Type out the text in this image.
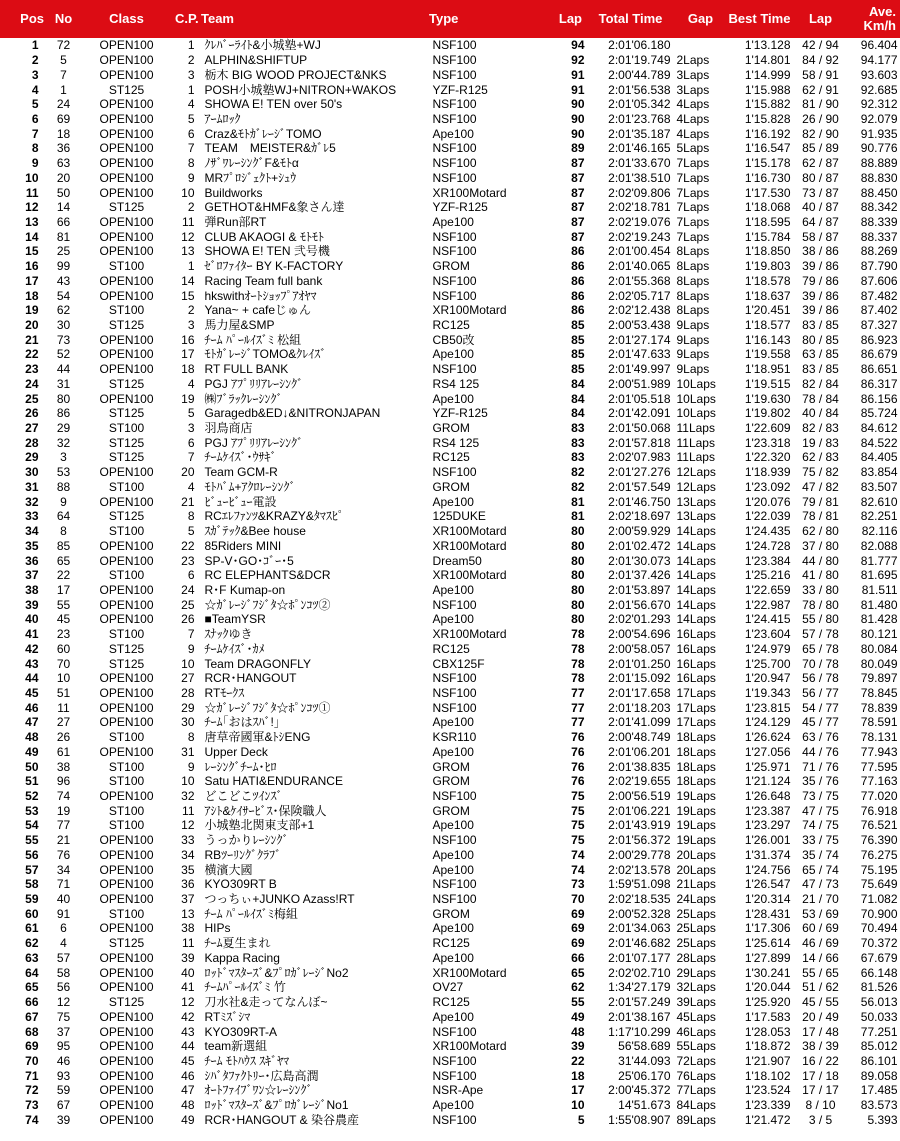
Pos	No	Class	C.P.	Team	Type	Lap	Total Time	Gap	Best Time	Lap	Ave.
Km/h
1	72	OPEN100	1	ｸﾚﾊﾞｰﾗｲﾄ&小城塾+WJ	NSF100	94	2:01'06.180		1'13.128	42 / 94	96.404
2	5	OPEN100	2	ALPHIN&SHIFTUP	NSF100	92	2:01'19.749	2Laps	1'14.801	84 / 92	94.177
3	7	OPEN100	3	栃木 BIG WOOD PROJECT&NKS	NSF100	91	2:00'44.789	3Laps	1'14.999	58 / 91	93.603
4	1	ST125	1	POSH小城塾WJ+NITRON+WAKOS	YZF-R125	91	2:01'56.538	3Laps	1'15.988	62 / 91	92.685
5	24	OPEN100	4	SHOWA E! TEN over 50's	NSF100	90	2:01'05.342	4Laps	1'15.882	81 / 90	92.312
6	69	OPEN100	5	ｱｰﾑﾛｯｸ	NSF100	90	2:01'23.768	4Laps	1'15.828	26 / 90	92.079
7	18	OPEN100	6	Craz&ﾓﾄｶﾞﾚｰｼﾞTOMO	Ape100	90	2:01'35.187	4Laps	1'16.192	82 / 90	91.935
8	36	OPEN100	7	TEAM　MEISTER&ｶﾞﾚ5	NSF100	89	2:01'46.165	5Laps	1'16.547	85 / 89	90.776
9	63	OPEN100	8	ﾉｻﾞﾜﾚｰｼﾝｸﾞF&ﾓﾄα	NSF100	87	2:01'33.670	7Laps	1'15.178	62 / 87	88.889
10	20	OPEN100	9	MRﾌﾟﾛｼﾞｪｸﾄ+ｼｭｳ	NSF100	87	2:01'38.510	7Laps	1'16.730	80 / 87	88.830
11	50	OPEN100	10	Buildworks	XR100Motard	87	2:02'09.806	7Laps	1'17.530	73 / 87	88.450
12	14	ST125	2	GETHOT&HMF&象さん達	YZF-R125	87	2:02'18.781	7Laps	1'18.068	40 / 87	88.342
13	66	OPEN100	11	弾Run部RT	Ape100	87	2:02'19.076	7Laps	1'18.595	64 / 87	88.339
14	81	OPEN100	12	CLUB AKAOGI & ﾓﾄﾓﾄ	NSF100	87	2:02'19.243	7Laps	1'15.784	58 / 87	88.337
15	25	OPEN100	13	SHOWA E! TEN 弐号機	NSF100	86	2:01'00.454	8Laps	1'18.850	38 / 86	88.269
16	99	ST100	1	ｾﾞﾛﾌｧｲﾀｰ BY K-FACTORY	GROM	86	2:01'40.065	8Laps	1'19.803	39 / 86	87.790
17	43	OPEN100	14	Racing Team full bank	NSF100	86	2:01'55.368	8Laps	1'18.578	79 / 86	87.606
18	54	OPEN100	15	hkswithｵｰﾄｼｮｯﾌﾟｱｵﾔﾏ	NSF100	86	2:02'05.717	8Laps	1'18.637	39 / 86	87.482
19	62	ST100	2	Yana~ + cafeじゅん	XR100Motard	86	2:02'12.438	8Laps	1'20.451	39 / 86	87.402
20	30	ST125	3	馬力屋&SMP	RC125	85	2:00'53.438	9Laps	1'18.577	83 / 85	87.327
21	73	OPEN100	16	ﾁｰﾑ ﾊﾟｰﾙｲｽﾞﾐ 松組	CB50改	85	2:01'27.174	9Laps	1'16.143	80 / 85	86.923
22	52	OPEN100	17	ﾓﾄｶﾞﾚｰｼﾞTOMO&ｸﾚｲｽﾞ	Ape100	85	2:01'47.633	9Laps	1'19.558	63 / 85	86.679
23	44	OPEN100	18	RT FULL BANK	NSF100	85	2:01'49.997	9Laps	1'18.951	83 / 85	86.651
24	31	ST125	4	PGJ ｱﾌﾟﾘﾘｱﾚｰｼﾝｸﾞ	RS4 125	84	2:00'51.989	10Laps	1'19.515	82 / 84	86.317
25	80	OPEN100	19	㈱ﾌﾞﾗｯｸﾚｰｼﾝｸﾞ	Ape100	84	2:01'05.518	10Laps	1'19.630	78 / 84	86.156
26	86	ST125	5	Garagedb&ED↓&NITRONJAPAN	YZF-R125	84	2:01'42.091	10Laps	1'19.802	40 / 84	85.724
27	29	ST100	3	羽鳥商店	GROM	83	2:01'50.068	11Laps	1'22.609	82 / 83	84.612
28	32	ST125	6	PGJ ｱﾌﾟﾘﾘｱﾚｰｼﾝｸﾞ	RS4 125	83	2:01'57.818	11Laps	1'23.318	19 / 83	84.522
29	3	ST125	7	ﾁｰﾑｹｲｽﾞ･ｳｻｷﾞ	RC125	83	2:02'07.983	11Laps	1'22.320	62 / 83	84.405
30	53	OPEN100	20	Team GCM-R	NSF100	82	2:01'27.276	12Laps	1'18.939	75 / 82	83.854
31	88	ST100	4	ﾓﾄﾊﾞﾑ+ｱｸﾛﾚｰｼﾝｸﾞ	GROM	82	2:01'57.549	12Laps	1'23.092	47 / 82	83.507
32	9	OPEN100	21	ﾋﾞｭｰﾋﾞｭｰ電設	Ape100	81	2:01'46.750	13Laps	1'20.076	79 / 81	82.610
33	64	ST125	8	RCｴﾚﾌｧﾝﾂ&KRAZY&ﾀﾏｽﾋﾟ	125DUKE	81	2:02'18.697	13Laps	1'22.039	78 / 81	82.251
34	8	ST100	5	ｽｶﾞﾃｯｸ&Bee house	XR100Motard	80	2:00'59.929	14Laps	1'24.435	62 / 80	82.116
35	85	OPEN100	22	85Riders MINI	XR100Motard	80	2:01'02.472	14Laps	1'24.728	37 / 80	82.088
36	65	OPEN100	23	SP-V･GO･ｺﾞｰ･5	Dream50	80	2:01'30.073	14Laps	1'23.384	44 / 80	81.777
37	22	ST100	6	RC ELEPHANTS&DCR	XR100Motard	80	2:01'37.426	14Laps	1'25.216	41 / 80	81.695
38	17	OPEN100	24	R･F Kumap-on	Ape100	80	2:01'53.897	14Laps	1'22.659	33 / 80	81.511
39	55	OPEN100	25	☆ｶﾞﾚｰｼﾞﾌｼﾞﾀ☆ﾎﾟﾝｺﾂ②	NSF100	80	2:01'56.670	14Laps	1'22.987	78 / 80	81.480
40	45	OPEN100	26	■TeamYSR	Ape100	80	2:02'01.293	14Laps	1'24.415	55 / 80	81.428
41	23	ST100	7	ｽﾅｯｸゆき	XR100Motard	78	2:00'54.696	16Laps	1'23.604	57 / 78	80.121
42	60	ST125	9	ﾁｰﾑｹｲｽﾞ･ｶﾒ	RC125	78	2:00'58.057	16Laps	1'24.979	65 / 78	80.084
43	70	ST125	10	Team DRAGONFLY	CBX125F	78	2:01'01.250	16Laps	1'25.700	70 / 78	80.049
44	10	OPEN100	27	RCR･HANGOUT	NSF100	78	2:01'15.092	16Laps	1'20.947	56 / 78	79.897
45	51	OPEN100	28	RTﾓｰｸｽ	NSF100	77	2:01'17.658	17Laps	1'19.343	56 / 77	78.845
46	11	OPEN100	29	☆ｶﾞﾚｰｼﾞﾌｼﾞﾀ☆ﾎﾟﾝｺﾂ①	NSF100	77	2:01'18.203	17Laps	1'23.815	54 / 77	78.839
47	27	OPEN100	30	ﾁｰﾑ｢おはｽﾊﾞ!｣	Ape100	77	2:01'41.099	17Laps	1'24.129	45 / 77	78.591
48	26	ST100	8	唐草帝國軍&ﾄｼENG	KSR110	76	2:00'48.749	18Laps	1'26.624	63 / 76	78.131
49	61	OPEN100	31	Upper Deck	Ape100	76	2:01'06.201	18Laps	1'27.056	44 / 76	77.943
50	38	ST100	9	ﾚｰｼﾝｸﾞﾁｰﾑ･ﾋﾛ	GROM	76	2:01'38.835	18Laps	1'25.971	71 / 76	77.595
51	96	ST100	10	Satu HATI&ENDURANCE	GROM	76	2:02'19.655	18Laps	1'21.124	35 / 76	77.163
52	74	OPEN100	32	どこどこﾂｲﾝｽﾞ	NSF100	75	2:00'56.519	19Laps	1'26.648	73 / 75	77.020
53	19	ST100	11	ｱｼﾄ&ｹｲｻｰﾋﾞｽ･保険職人	GROM	75	2:01'06.221	19Laps	1'23.387	47 / 75	76.918
54	77	ST100	12	小城塾北関東支部+1	Ape100	75	2:01'43.919	19Laps	1'23.297	74 / 75	76.521
55	21	OPEN100	33	うっかりﾚｰｼﾝｸﾞ	NSF100	75	2:01'56.372	19Laps	1'26.001	33 / 75	76.390
56	76	OPEN100	34	RBﾂｰﾘﾝｸﾞｸﾗﾌﾞ	Ape100	74	2:00'29.778	20Laps	1'31.374	35 / 74	76.275
57	34	OPEN100	35	横濱大國	Ape100	74	2:02'13.578	20Laps	1'24.756	65 / 74	75.195
58	71	OPEN100	36	KYO309RT B	NSF100	73	1:59'51.098	21Laps	1'26.547	47 / 73	75.649
59	40	OPEN100	37	つっちぃ+JUNKO Azass!RT	NSF100	70	2:02'18.535	24Laps	1'20.314	21 / 70	71.082
60	91	ST100	13	ﾁｰﾑ ﾊﾟｰﾙｲｽﾞﾐ梅組	GROM	69	2:00'52.328	25Laps	1'28.431	53 / 69	70.900
61	6	OPEN100	38	HIPs	Ape100	69	2:01'34.063	25Laps	1'17.306	60 / 69	70.494
62	4	ST125	11	ﾁｰﾑ夏生まれ	RC125	69	2:01'46.682	25Laps	1'25.614	46 / 69	70.372
63	57	OPEN100	39	Kappa Racing	Ape100	66	2:01'07.177	28Laps	1'27.899	14 / 66	67.679
64	58	OPEN100	40	ﾛｯﾄﾞﾏｽﾀｰｽﾞ&ﾌﾟﾛｶﾞﾚｰｼﾞNo2	XR100Motard	65	2:02'02.710	29Laps	1'30.241	55 / 65	66.148
65	56	OPEN100	41	ﾁｰﾑﾊﾟｰﾙｲｽﾞﾐ 竹	OV27	62	1:34'27.179	32Laps	1'20.044	51 / 62	81.526
66	12	ST125	12	刀水社&走ってなんぼ~	RC125	55	2:01'57.249	39Laps	1'25.920	45 / 55	56.013
67	75	OPEN100	42	RTﾐｽﾞｼﾏ	Ape100	49	2:01'38.167	45Laps	1'17.583	20 / 49	50.033
68	37	OPEN100	43	KYO309RT-A	NSF100	48	1:17'10.299	46Laps	1'28.053	17 / 48	77.251
69	95	OPEN100	44	team新選組	XR100Motard	39	56'58.689	55Laps	1'18.872	38 / 39	85.012
70	46	OPEN100	45	ﾁｰﾑ ﾓﾄﾊｳｽ ｽｷﾞﾔﾏ	NSF100	22	31'44.093	72Laps	1'21.907	16 / 22	86.101
71	93	OPEN100	46	ｼﾊﾞﾀﾌｧｸﾄﾘｰ･広島高潤	NSF100	18	25'06.170	76Laps	1'18.102	17 / 18	89.058
72	59	OPEN100	47	ｵｰﾄﾌｧｲﾌﾞﾜﾝ☆ﾚｰｼﾝｸﾞ	NSR-Ape	17	2:00'45.372	77Laps	1'23.524	17 / 17	17.485
73	67	OPEN100	48	ﾛｯﾄﾞﾏｽﾀｰｽﾞ&ﾌﾟﾛｶﾞﾚｰｼﾞNo1	Ape100	10	14'51.673	84Laps	1'23.339	8 / 10	83.573
74	39	OPEN100	49	RCR･HANGOUT & 染谷農産	NSF100	5	1:55'08.907	89Laps	1'21.472	3 / 5	5.393
